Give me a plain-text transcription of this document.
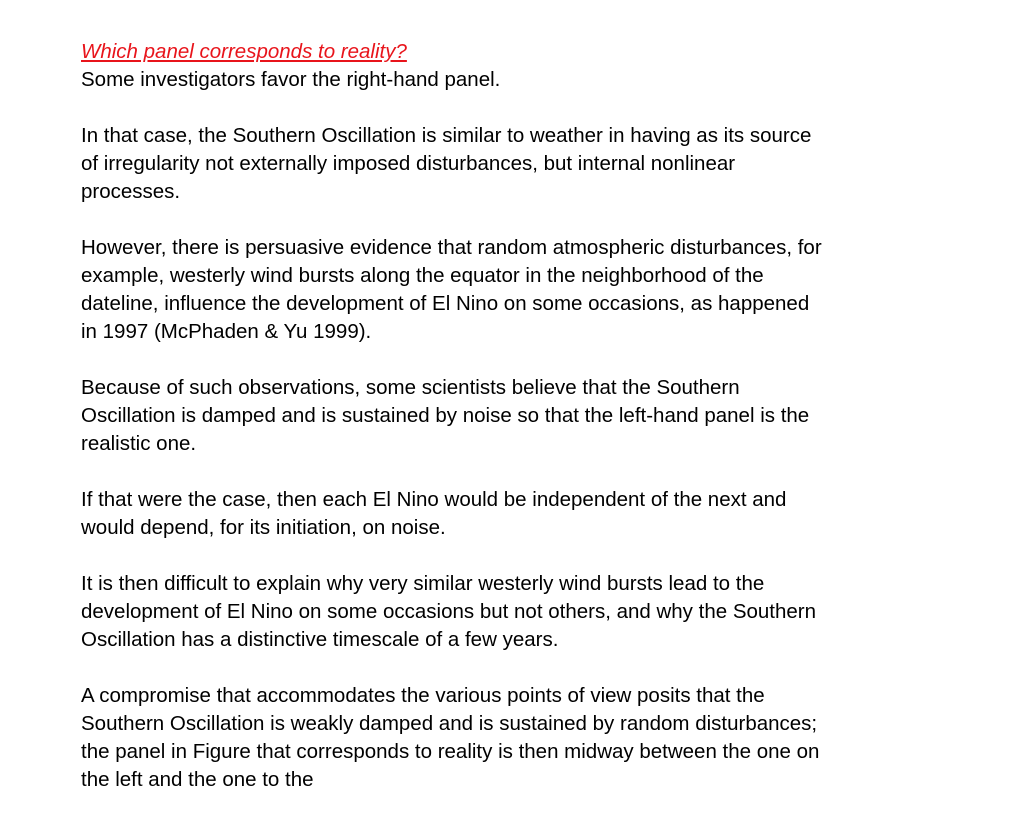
Which panel corresponds to reality?
Some investigators favor the right-hand panel.
In that case, the Southern Oscillation is similar to weather in having as its source
of irregularity not externally imposed disturbances, but internal nonlinear
processes.
However, there is persuasive evidence that random atmospheric disturbances, for
example, westerly wind bursts along the equator in the neighborhood of the
dateline, influence the development of El Nino on some occasions, as happened
in 1997 (McPhaden & Yu 1999).
Because of such observations, some scientists believe that the Southern
Oscillation is damped and is sustained by noise so that the left-hand panel is the
realistic one.
If that were the case, then each El Nino would be independent of the next and
would depend, for its initiation, on noise.
It is then difficult to explain why very similar westerly wind bursts lead to the
development of El Nino on some occasions but not others, and why the Southern
Oscillation has a distinctive timescale of a few years.
A compromise that accommodates the various points of view posits that the
Southern Oscillation is weakly damped and is sustained by random disturbances;
the panel in Figure that corresponds to reality is then midway between the one on
the left and the one to the
